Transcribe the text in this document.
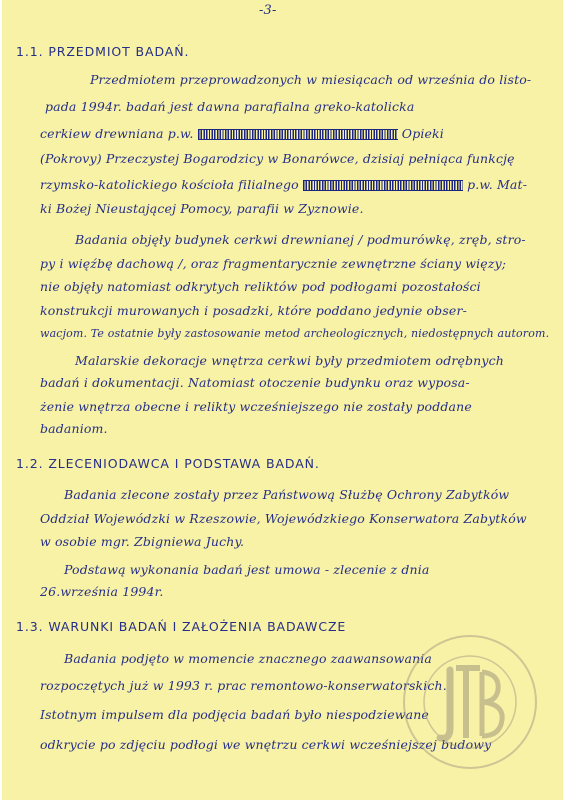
-3-
1.1. PRZEDMIOT BADAŃ.
Przedmiotem przeprowadzonych w miesiącach od września do listo-
pada 1994r. badań jest dawna parafialna greko-katolicka
cerkiew drewniana p.w.	Opieki
(Pokrovy) Przeczystej Bogarodzicy w Bonarówce, dzisiaj pełniąca funkcję
rzymsko-katolickiego kościoła filialnego	p.w. Mat-
ki Bożej Nieustającej Pomocy, parafii w Zyznowie.
Badania objęły budynek cerkwi drewnianej / podmurówkę, zręb, stro-
py i więźbę dachową /, oraz fragmentarycznie zewnętrzne ściany więzy;
nie objęły natomiast odkrytych reliktów pod podłogami pozostałości
konstrukcji murowanych i posadzki, które poddano jedynie obser-
wacjom. Te ostatnie były zastosowanie metod archeologicznych, niedostępnych autorom.
Malarskie dekoracje wnętrza cerkwi były przedmiotem odrębnych
badań i dokumentacji. Natomiast otoczenie budynku oraz wyposa-
żenie wnętrza obecne i relikty wcześniejszego nie zostały poddane
badaniom.
1.2. ZLECENIODAWCA I PODSTAWA BADAŃ.
Badania zlecone zostały przez Państwową Służbę Ochrony Zabytków
Oddział Wojewódzki w Rzeszowie, Wojewódzkiego Konserwatora Zabytków
w osobie mgr. Zbigniewa Juchy.
Podstawą wykonania badań jest umowa - zlecenie z dnia
26.września 1994r.
1.3. WARUNKI BADAŃ I ZAŁOŻENIA BADAWCZE
Badania podjęto w momencie znacznego zaawansowania
rozpoczętych już w 1993 r. prac remontowo-konserwatorskich.
Istotnym impulsem dla podjęcia badań było niespodziewane
odkrycie po zdjęciu podłogi we wnętrzu cerkwi wcześniejszej budowy
